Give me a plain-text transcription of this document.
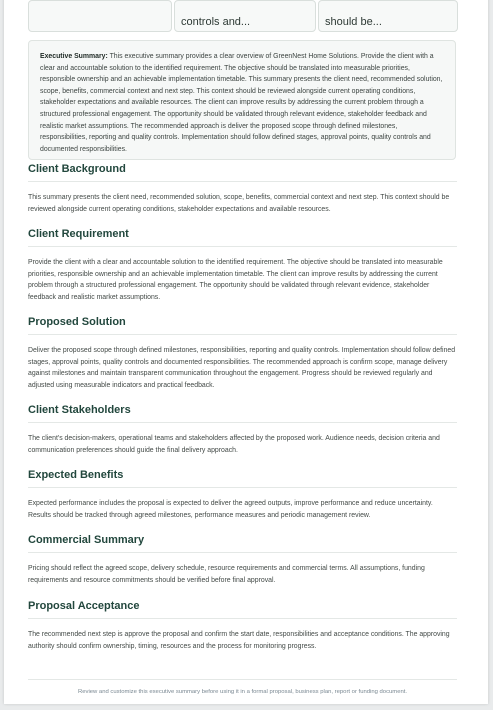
controls and...	should be...
Executive Summary: This executive summary provides a clear overview of GreenNest Home Solutions. Provide the client with a clear and accountable solution to the identified requirement. The objective should be translated into measurable priorities, responsible ownership and an achievable implementation timetable. This summary presents the client need, recommended solution, scope, benefits, commercial context and next step. This context should be reviewed alongside current operating conditions, stakeholder expectations and available resources. The client can improve results by addressing the current problem through a structured professional engagement. The opportunity should be validated through relevant evidence, stakeholder feedback and realistic market assumptions. The recommended approach is deliver the proposed scope through defined milestones, responsibilities, reporting and quality controls. Implementation should follow defined stages, approval points, quality controls and documented responsibilities.
Client Background

This summary presents the client need, recommended solution, scope, benefits, commercial context and next step. This context should be reviewed alongside current operating conditions, stakeholder expectations and available resources.

Client Requirement

Provide the client with a clear and accountable solution to the identified requirement. The objective should be translated into measurable priorities, responsible ownership and an achievable implementation timetable. The client can improve results by addressing the current problem through a structured professional engagement. The opportunity should be validated through relevant evidence, stakeholder feedback and realistic market assumptions.

Proposed Solution

Deliver the proposed scope through defined milestones, responsibilities, reporting and quality controls. Implementation should follow defined stages, approval points, quality controls and documented responsibilities. The recommended approach is confirm scope, manage delivery against milestones and maintain transparent communication throughout the engagement. Progress should be reviewed regularly and adjusted using measurable indicators and practical feedback.

Client Stakeholders

The client's decision-makers, operational teams and stakeholders affected by the proposed work. Audience needs, decision criteria and communication preferences should guide the final delivery approach.

Expected Benefits

Expected performance includes the proposal is expected to deliver the agreed outputs, improve performance and reduce uncertainty. Results should be tracked through agreed milestones, performance measures and periodic management review.

Commercial Summary

Pricing should reflect the agreed scope, delivery schedule, resource requirements and commercial terms. All assumptions, funding requirements and resource commitments should be verified before final approval.

Proposal Acceptance

The recommended next step is approve the proposal and confirm the start date, responsibilities and acceptance conditions. The approving authority should confirm ownership, timing, resources and the process for monitoring progress.

Review and customize this executive summary before using it in a formal proposal, business plan, report or funding document.
